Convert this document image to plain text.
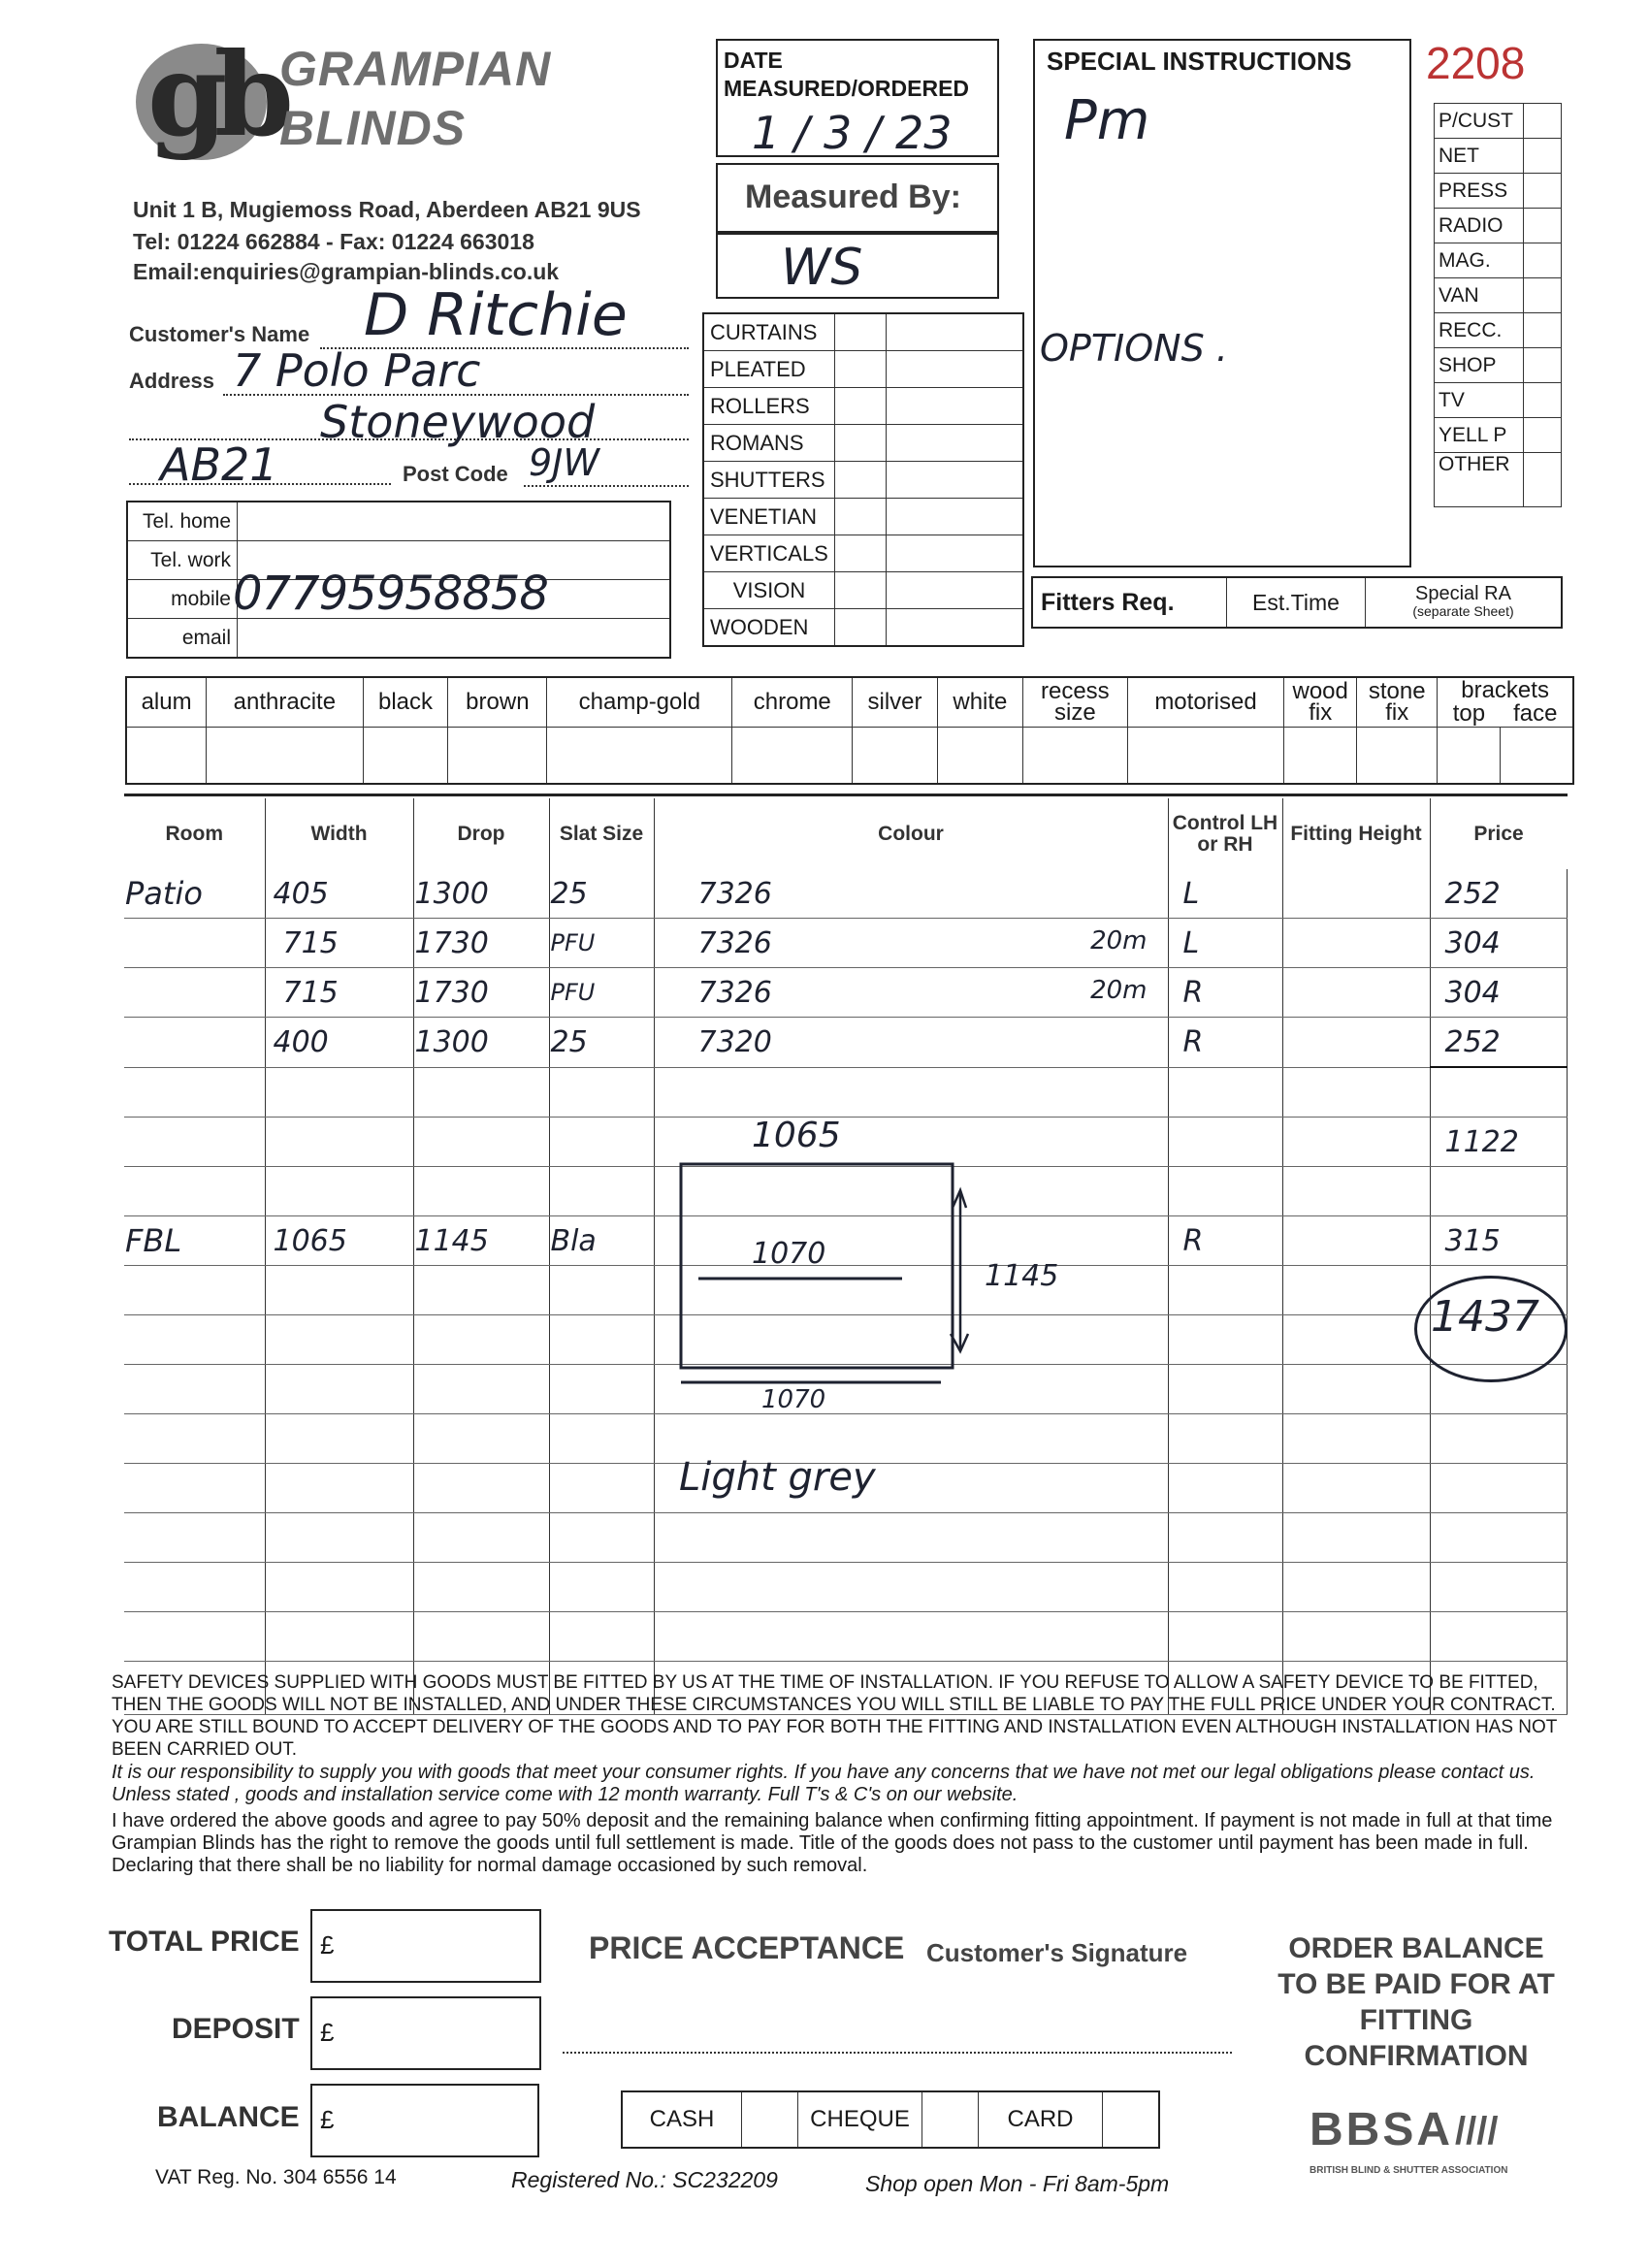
gb
GRAMPIAN
BLINDS
Unit 1 B, Mugiemoss Road, Aberdeen AB21 9US
Tel: 01224 662884 - Fax: 01224 663018
Email:enquiries@grampian-blinds.co.uk
DATE MEASURED/ORDERED
1 / 3 / 23
Measured By:
WS
SPECIAL INSTRUCTIONS
Pm
OPTIONS .
2208
P/CUST	
NET	
PRESS	
RADIO	
MAG.	
VAN	
RECC.	
SHOP	
TV	
YELL P	
OTHER	
Customer's Name D Ritchie
Address 7 Polo Parc
Stoneywood
AB21	Post Code 9JW
Tel. home	
Tel. work	
mobile	07795958858

email	
CURTAINS		
PLEATED		
ROLLERS		
ROMANS		
SHUTTERS		
VENETIAN		
VERTICALS		
VISION		
WOODEN		
Fitters Req.	Est.Time	Special RA
(separate Sheet)
alum	anthracite	black	brown	champ-gold	chrome	silver	white	recess size	motorised	wood fix	stone fix	brackets
top face	

Room	Width	Drop	Slat Size	Colour	Control LH or RH	Fitting Height	Price
Patio	405	1300	25	7326	L		252
	715	1730	PFU	7326 20m	L		304
	715	1730	PFU	7326 20m	R		304
	400	1300	25	7320	R		252

							1122

FBL	1065	1145	Bla		R		315

1065
1070
1070
1145
Light grey
1437
SAFETY DEVICES SUPPLIED WITH GOODS MUST BE FITTED BY US AT THE TIME OF INSTALLATION. IF YOU REFUSE TO ALLOW A SAFETY DEVICE TO BE FITTED, THEN THE GOODS WILL NOT BE INSTALLED, AND UNDER THESE CIRCUMSTANCES YOU WILL STILL BE LIABLE TO PAY THE FULL PRICE UNDER YOUR CONTRACT. YOU ARE STILL BOUND TO ACCEPT DELIVERY OF THE GOODS AND TO PAY FOR BOTH THE FITTING AND INSTALLATION EVEN ALTHOUGH INSTALLATION HAS NOT BEEN CARRIED OUT.
It is our responsibility to supply you with goods that meet your consumer rights. If you have any concerns that we have not met our legal obligations please contact us. Unless stated , goods and installation service come with 12 month warranty. Full T's & C's on our website.
I have ordered the above goods and agree to pay 50% deposit and the remaining balance when confirming fitting appointment. If payment is not made in full at that time Grampian Blinds has the right to remove the goods until full settlement is made. Title of the goods does not pass to the customer until payment has been made in full. Declaring that there shall be no liability for normal damage occasioned by such removal.
TOTAL PRICE £
DEPOSIT £
BALANCE £
PRICE ACCEPTANCE Customer's Signature
CASH		CHEQUE		CARD	
ORDER BALANCE TO BE PAID FOR AT FITTING CONFIRMATION
BBSA ////
BRITISH BLIND & SHUTTER ASSOCIATION
VAT Reg. No. 304 6556 14	Registered No.: SC232209	Shop open Mon - Fri 8am-5pm
